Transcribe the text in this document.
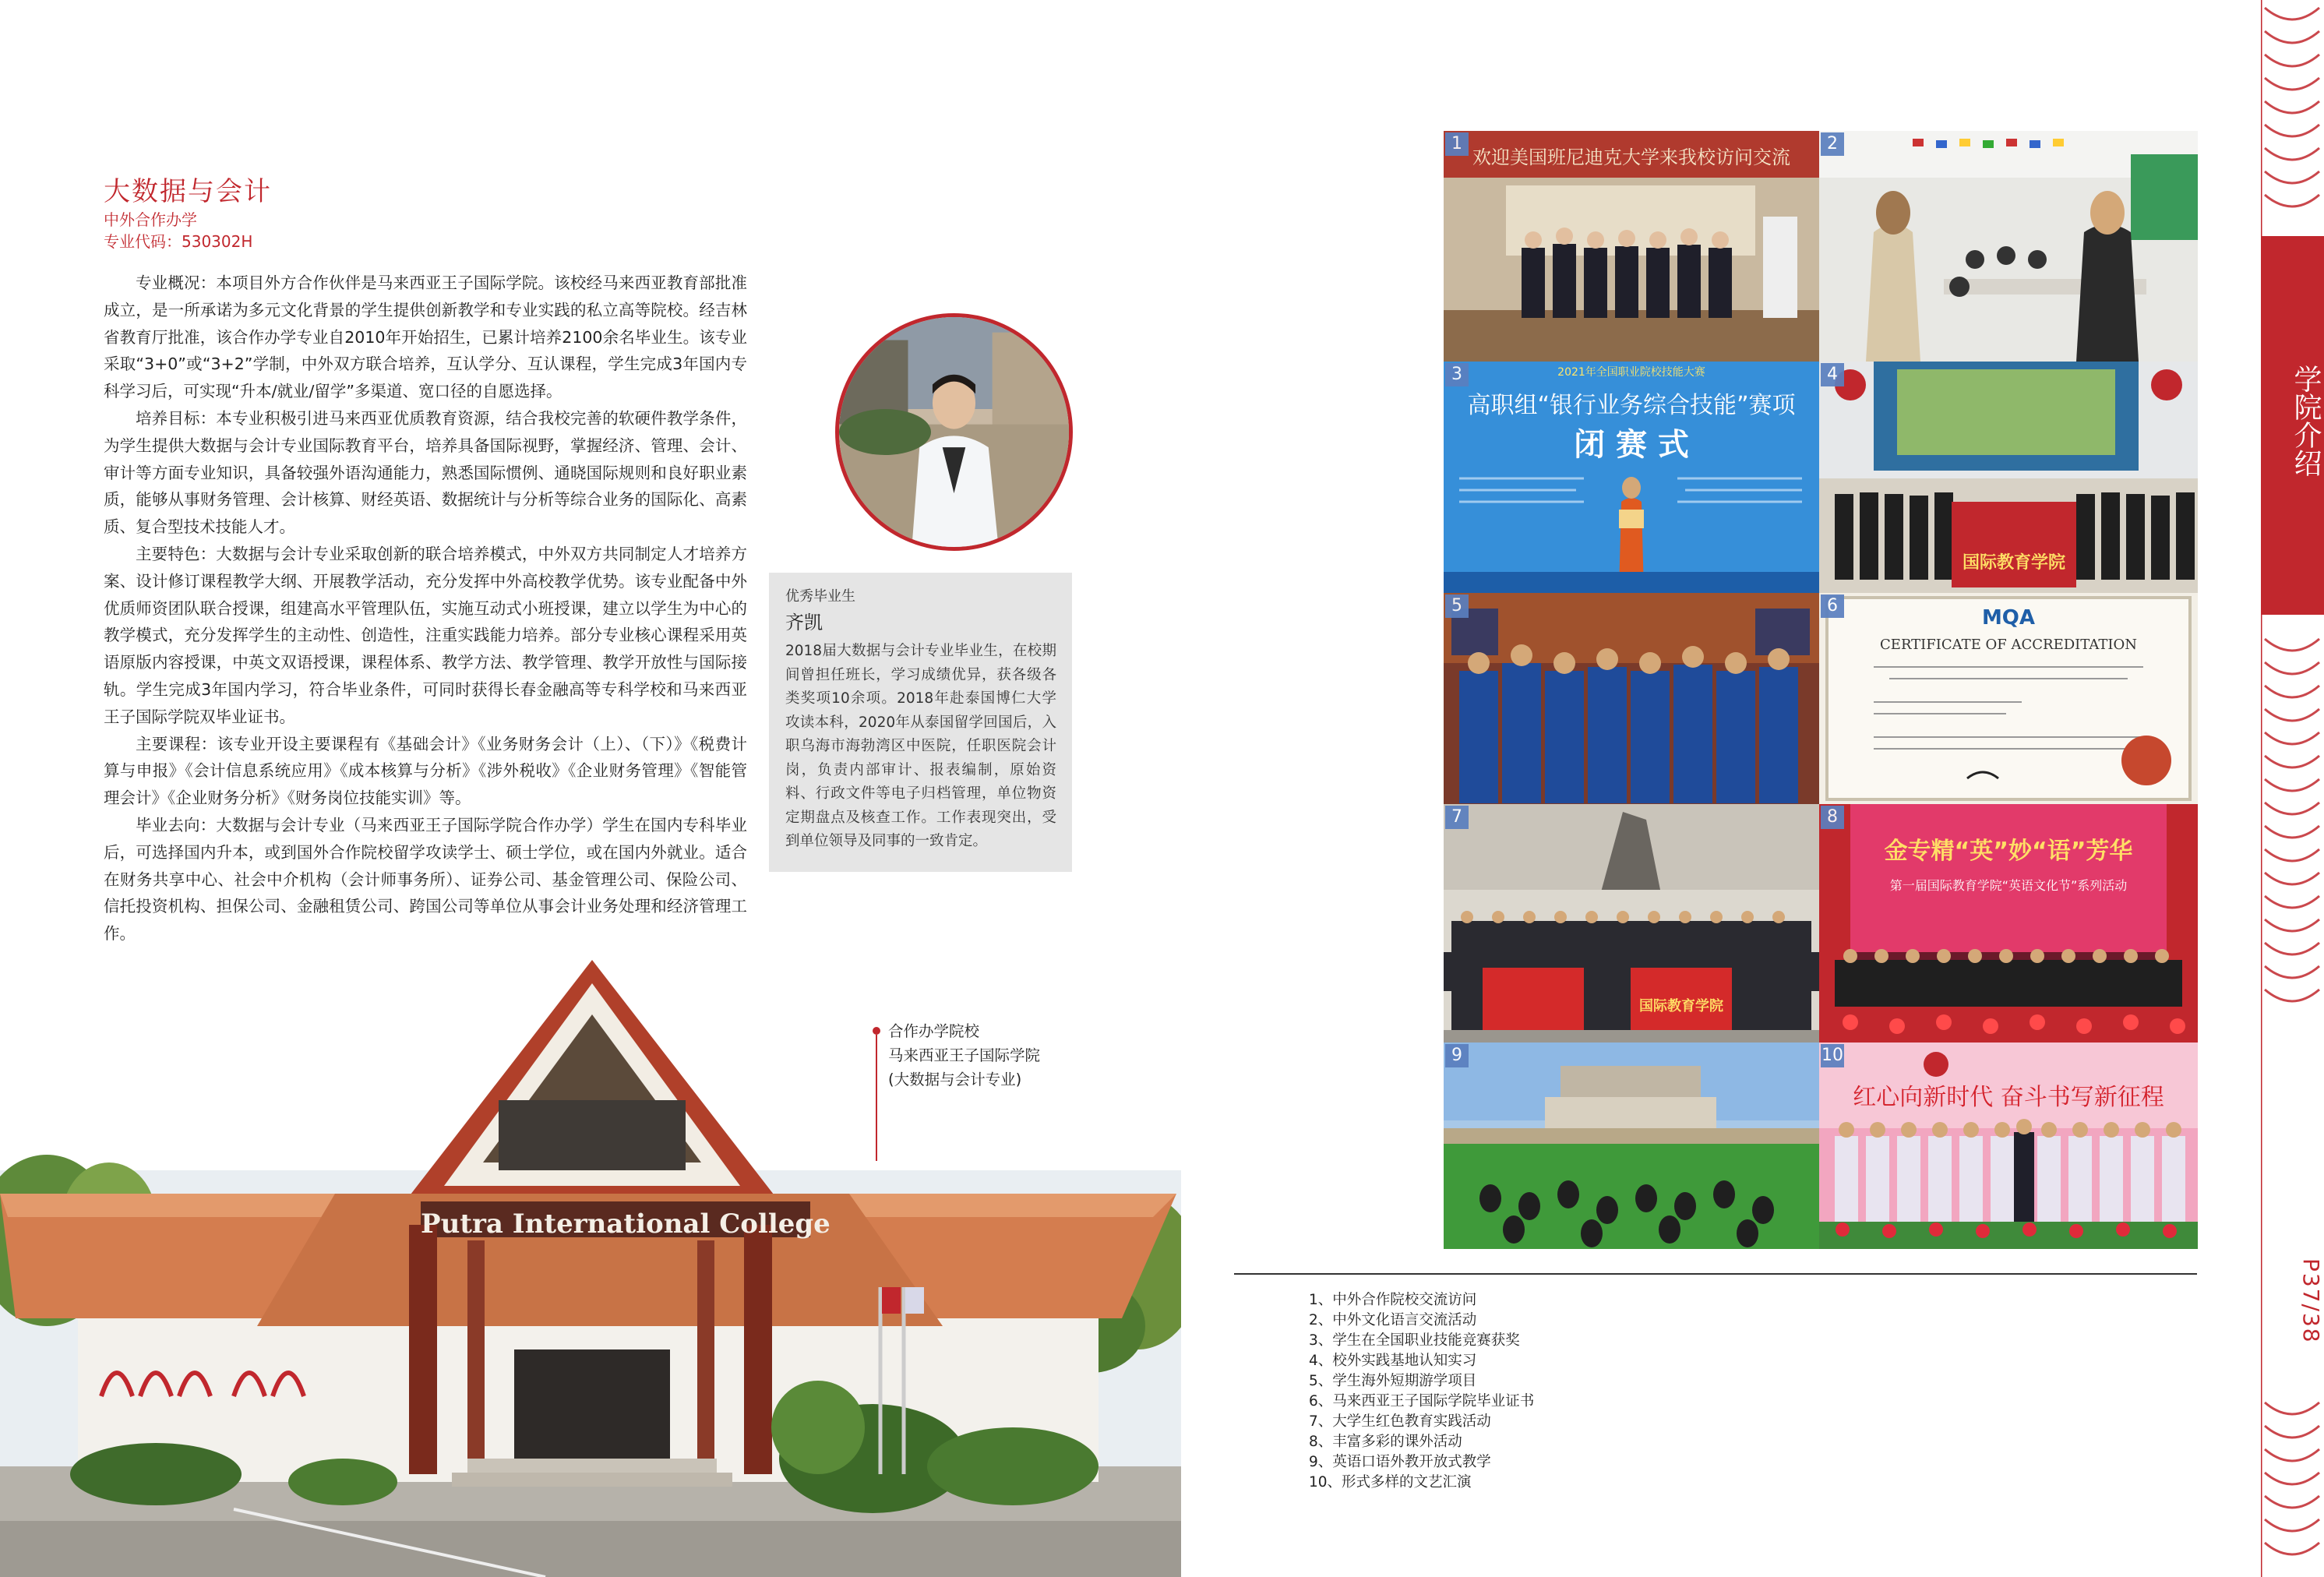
大数据与会计
中外合作办学
专业代码：530302H

专业概况：本项目外方合作伙伴是马来西亚王子国际学院。该校经马来西亚教育部批准成立，是一所承诺为多元文化背景的学生提供创新教学和专业实践的私立高等院校。经吉林省教育厅批准，该合作办学专业自2010年开始招生，已累计培养2100余名毕业生。该专业采取“3+0”或“3+2”学制，中外双方联合培养，互认学分、互认课程，学生完成3年国内专科学习后，可实现“升本/就业/留学”多渠道、宽口径的自愿选择。

培养目标：本专业积极引进马来西亚优质教育资源，结合我校完善的软硬件教学条件，为学生提供大数据与会计专业国际教育平台，培养具备国际视野，掌握经济、管理、会计、审计等方面专业知识，具备较强外语沟通能力，熟悉国际惯例、通晓国际规则和良好职业素质，能够从事财务管理、会计核算、财经英语、数据统计与分析等综合业务的国际化、高素质、复合型技术技能人才。

主要特色：大数据与会计专业采取创新的联合培养模式，中外双方共同制定人才培养方案、设计修订课程教学大纲、开展教学活动，充分发挥中外高校教学优势。该专业配备中外优质师资团队联合授课，组建高水平管理队伍，实施互动式小班授课，建立以学生为中心的教学模式，充分发挥学生的主动性、创造性，注重实践能力培养。部分专业核心课程采用英语原版内容授课，中英文双语授课，课程体系、教学方法、教学管理、教学开放性与国际接轨。学生完成3年国内学习，符合毕业条件，可同时获得长春金融高等专科学校和马来西亚王子国际学院双毕业证书。

主要课程：该专业开设主要课程有《基础会计》《业务财务会计（上）、（下）》《税费计算与申报》《会计信息系统应用》《成本核算与分析》《涉外税收》《企业财务管理》《智能管理会计》《企业财务分析》《财务岗位技能实训》等。

毕业去向：大数据与会计专业（马来西亚王子国际学院合作办学）学生在国内专科毕业后，可选择国内升本，或到国外合作院校留学攻读学士、硕士学位，或在国内外就业。适合在财务共享中心、社会中介机构（会计师事务所）、证券公司、基金管理公司、保险公司、信托投资机构、担保公司、金融租赁公司、跨国公司等单位从事会计业务处理和经济管理工作。

优秀毕业生
齐凯
2018届大数据与会计专业毕业生，在校期间曾担任班长，学习成绩优异，获各级各类奖项10余项。2018年赴泰国博仁大学攻读本科，2020年从泰国留学回国后，入职乌海市海勃湾区中医院，任职医院会计岗，负责内部审计、报表编制，原始资料、行政文件等电子归档管理，单位物资定期盘点及核查工作。工作表现突出，受到单位领导及同事的一致肯定。
Putra International College
合作办学院校
马来西亚王子国际学院
(大数据与会计专业)
欢迎美国班尼迪克大学来我校访问交流
1	2
2021年全国职业院校技能大赛
高职组“银行业务综合技能”赛项
闭 赛 式
3
国际教育学院
4
5
MQA
CERTIFICATE OF ACCREDITATION
6
国际教育学院
7
金专精“英”妙“语”芳华
第一届国际教育学院“英语文化节”系列活动
8
9
红心向新时代 奋斗书写新征程
10
1、中外合作院校交流访问
2、中外文化语言交流活动
3、学生在全国职业技能竞赛获奖
4、校外实践基地认知实习
5、学生海外短期游学项目
6、马来西亚王子国际学院毕业证书
7、大学生红色教育实践活动
8、丰富多彩的课外活动
9、英语口语外教开放式教学
10、形式多样的文艺汇演
学院介绍
P37/38
